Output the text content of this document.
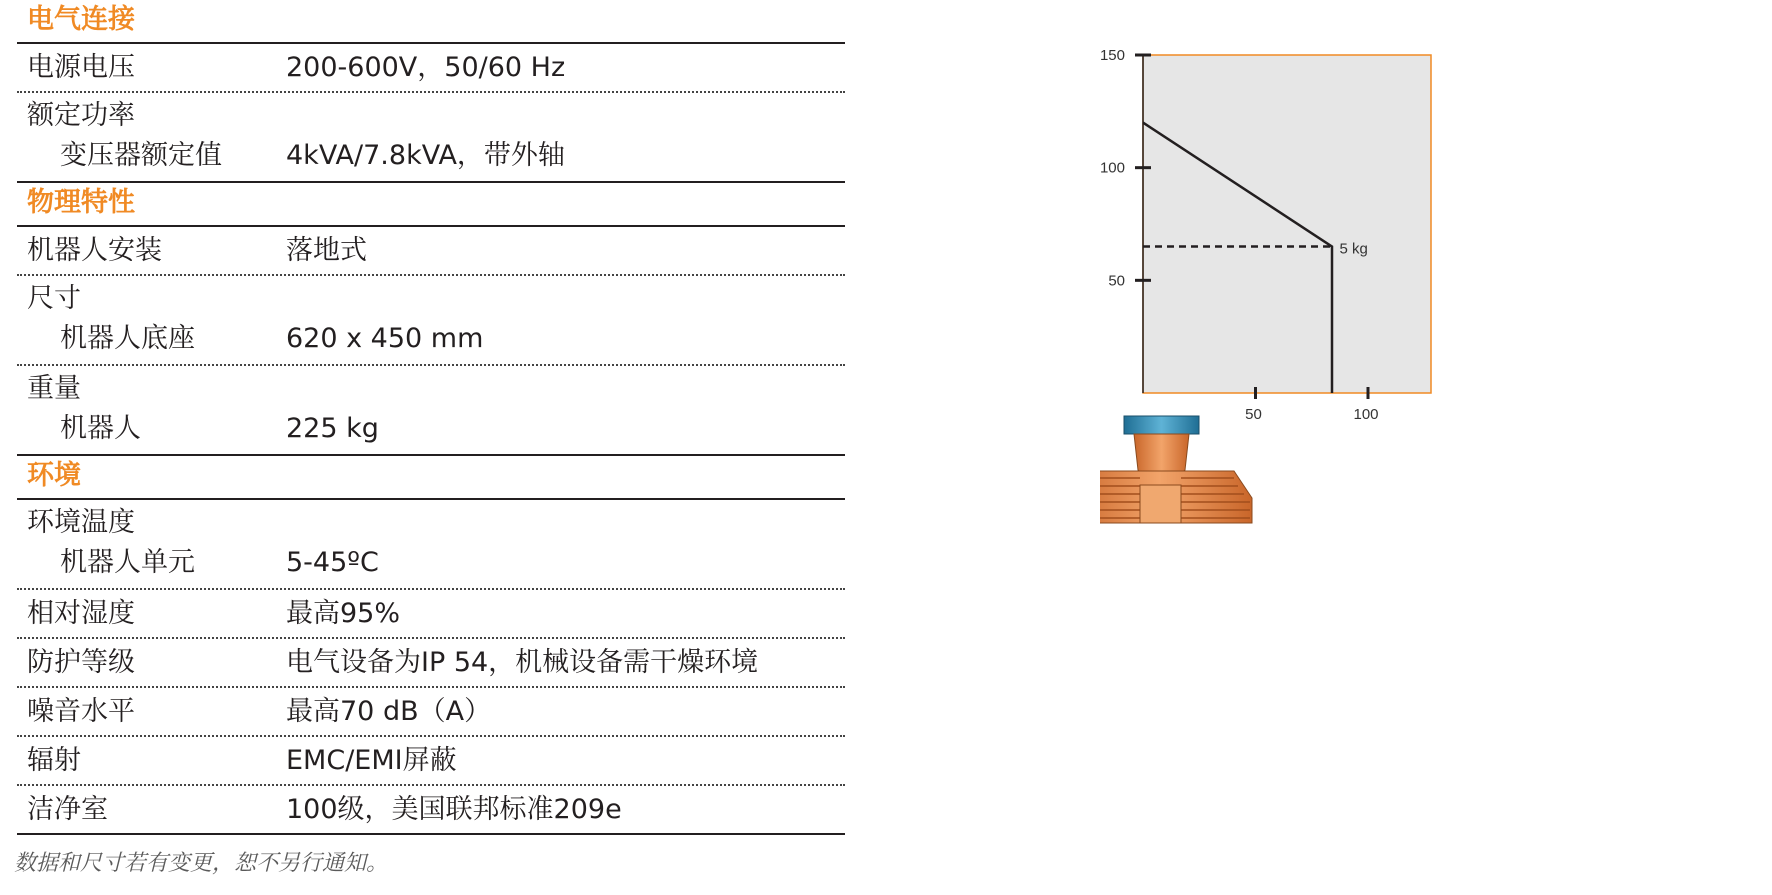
电气连接
电源电压	200-600V，50/60 Hz
额定功率
变压器额定值 4kVA/7.8kVA，带外轴
物理特性
机器人安装	落地式
尺寸
机器人底座	620 x 450 mm
重量
机器人	225 kg
环境
环境温度
机器人单元	5-45ºC
相对湿度	最高95%
防护等级	电气设备为IP 54，机械设备需干燥环境
噪音水平	最高70 dB（A）
辐射	EMC/EMI屏蔽
洁净室	100级，美国联邦标准209e
数据和尺寸若有变更，恕不另行通知。
50
100
150
50	100
5 kg
